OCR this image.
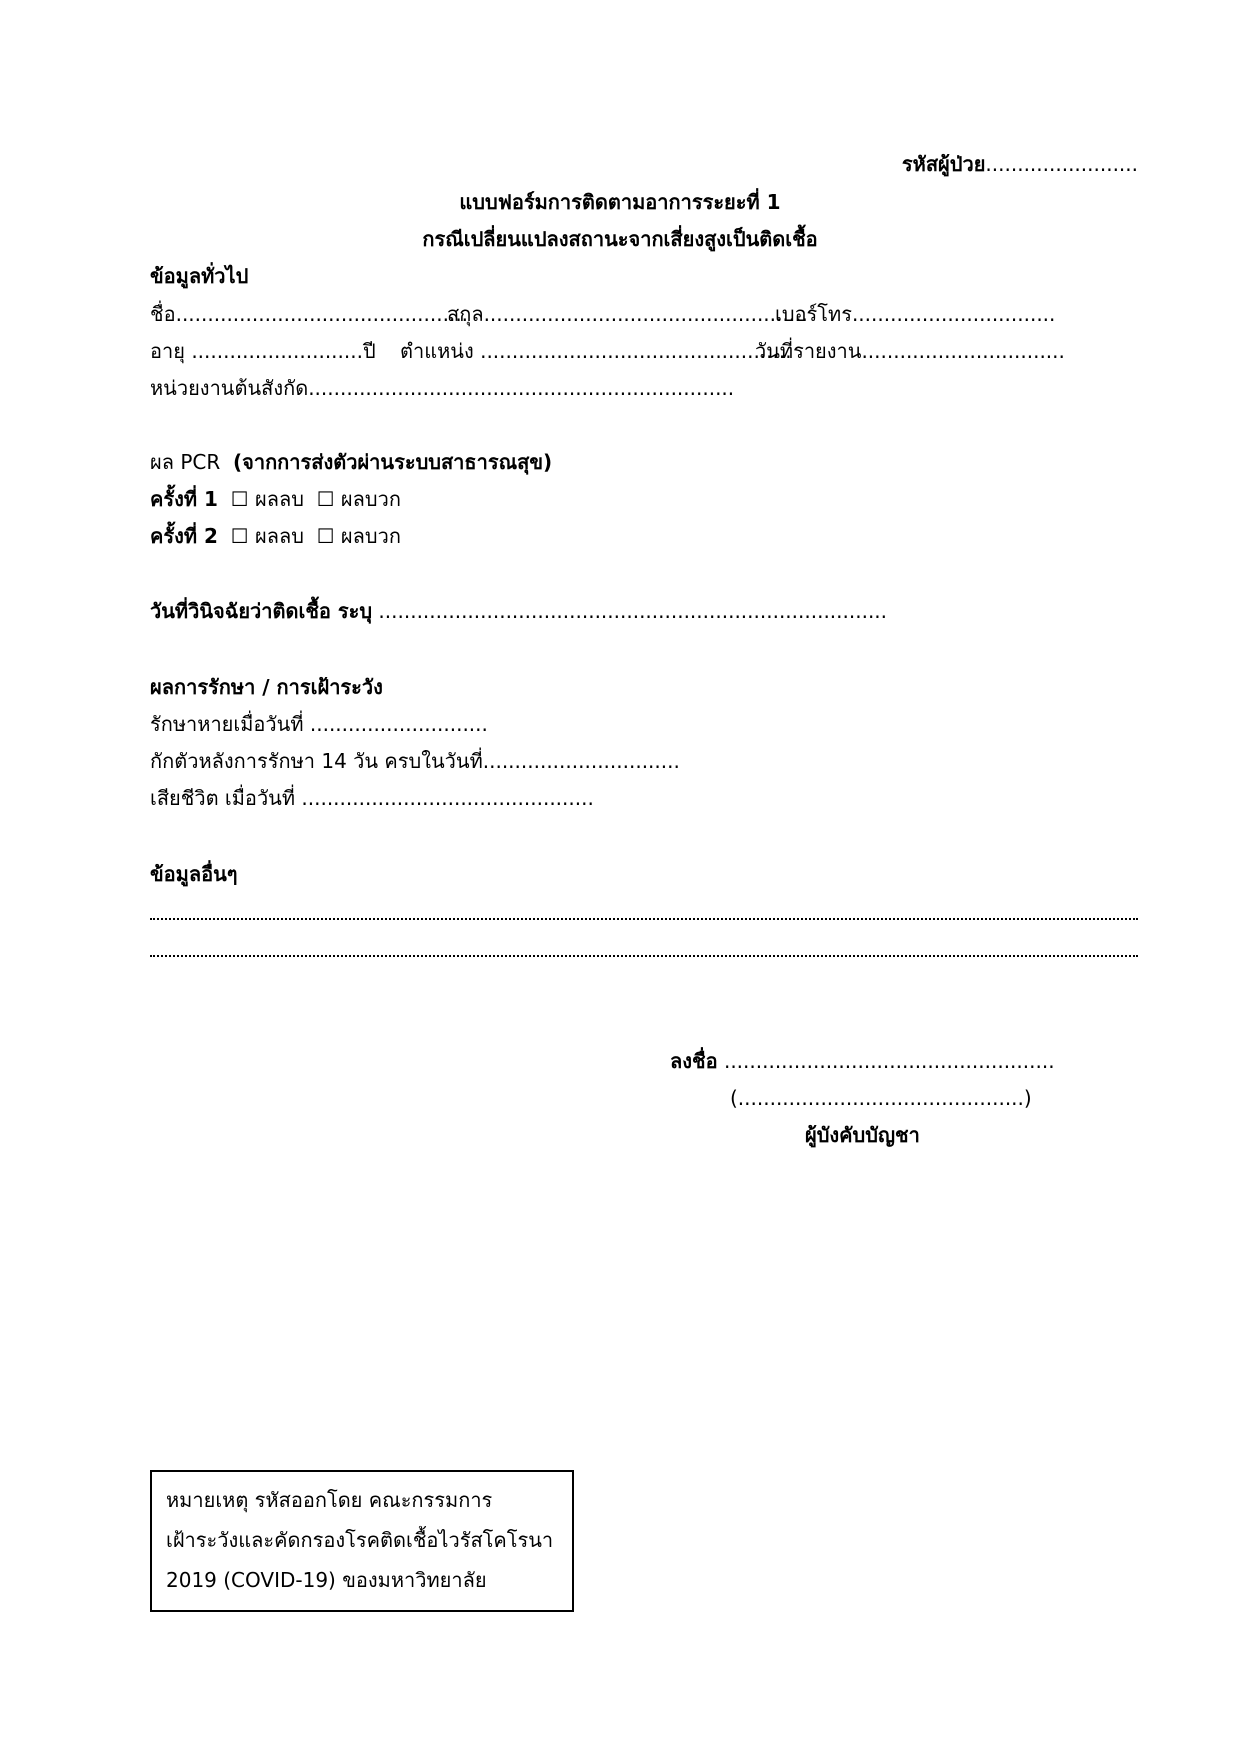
รหัสผู้ป่วย........................
แบบฟอร์มการติดตามอาการระยะที่ 1
กรณีเปลี่ยนแปลงสถานะจากเสี่ยงสูงเป็นติดเชื้อ
ข้อมูลทั่วไป
ชื่อ..............................................
สกุล...................................................
เบอร์โทร................................
อายุ ...........................ปี ตำแหน่ง .................................................
วันที่รายงาน................................
หน่วยงานต้นสังกัด...................................................................
ผล PCR (จากการส่งตัวผ่านระบบสาธารณสุข)
ครั้งที่ 1 ☐ ผลลบ ☐ ผลบวก
ครั้งที่ 2 ☐ ผลลบ ☐ ผลบวก
วันที่วินิจฉัยว่าติดเชื้อ ระบุ ................................................................................
ผลการรักษา / การเฝ้าระวัง
รักษาหายเมื่อวันที่ ............................
กักตัวหลังการรักษา 14 วัน ครบในวันที่...............................
เสียชีวิต เมื่อวันที่ ..............................................
ข้อมูลอื่นๆ
ลงชื่อ ....................................................
(.............................................)
ผู้บังคับบัญชา
หมายเหตุ รหัสออกโดย คณะกรรมการ
เฝ้าระวังและคัดกรองโรคติดเชื้อไวรัสโคโรนา
2019 (COVID-19) ของมหาวิทยาลัย
